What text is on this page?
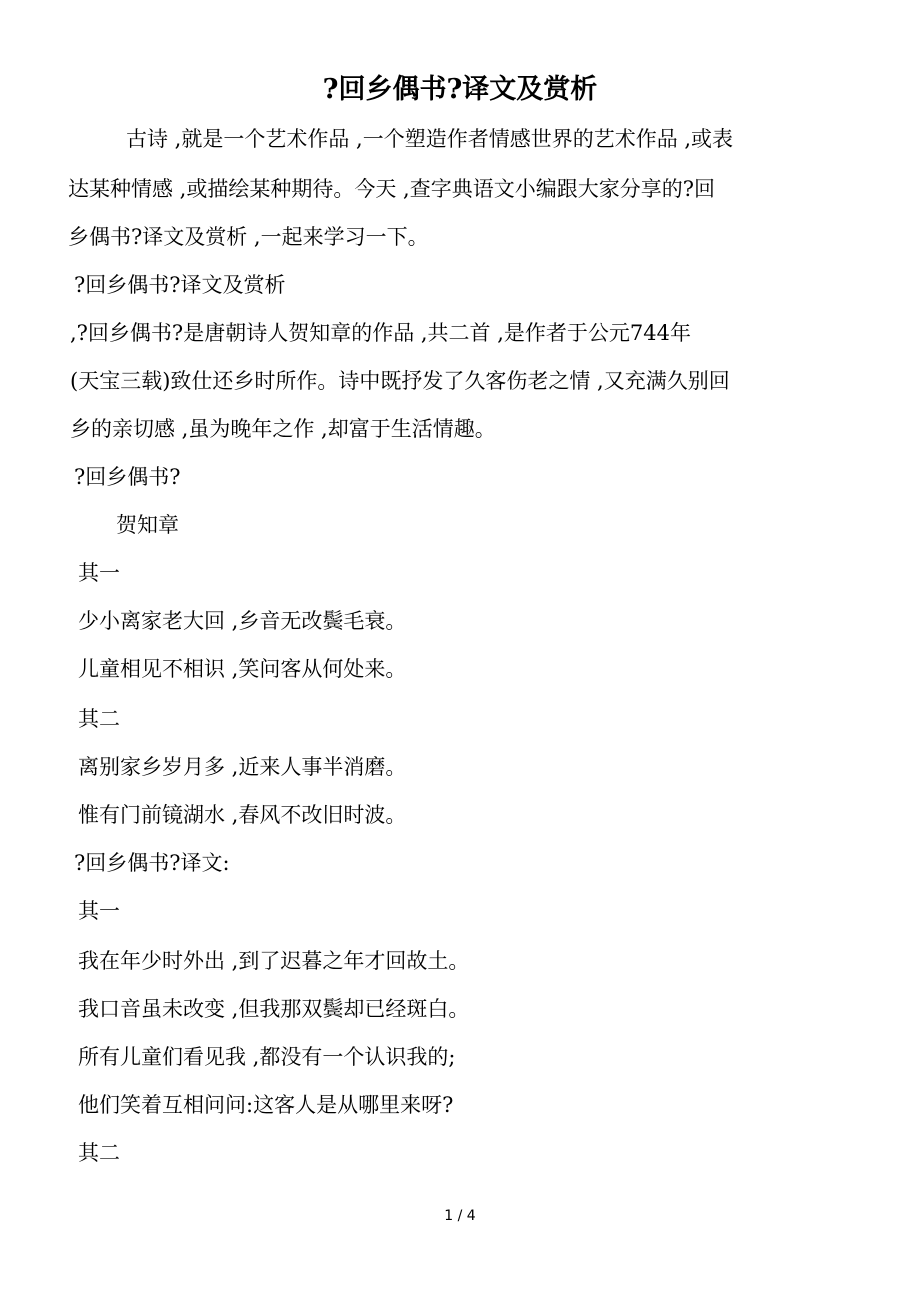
?回乡偶书?译文及赏析

古诗 ,就是一个艺术作品 ,一个塑造作者情感世界的艺术作品 ,或表

达某种情感 ,或描绘某种期待。今天 ,查字典语文小编跟大家分享的?回

乡偶书?译文及赏析 ,一起来学习一下。

?回乡偶书?译文及赏析

,?回乡偶书?是唐朝诗人贺知章的作品 ,共二首 ,是作者于公元744年

(天宝三载)致仕还乡时所作。诗中既抒发了久客伤老之情 ,又充满久别回

乡的亲切感 ,虽为晚年之作 ,却富于生活情趣。

?回乡偶书?

贺知章

其一

少小离家老大回 ,乡音无改鬓毛衰。

儿童相见不相识 ,笑问客从何处来。

其二

离别家乡岁月多 ,近来人事半消磨。

惟有门前镜湖水 ,春风不改旧时波。

?回乡偶书?译文:

其一

我在年少时外出 ,到了迟暮之年才回故土。

我口音虽未改变 ,但我那双鬓却已经斑白。

所有儿童们看见我 ,都没有一个认识我的;

他们笑着互相问问:这客人是从哪里来呀?

其二

1 / 4
